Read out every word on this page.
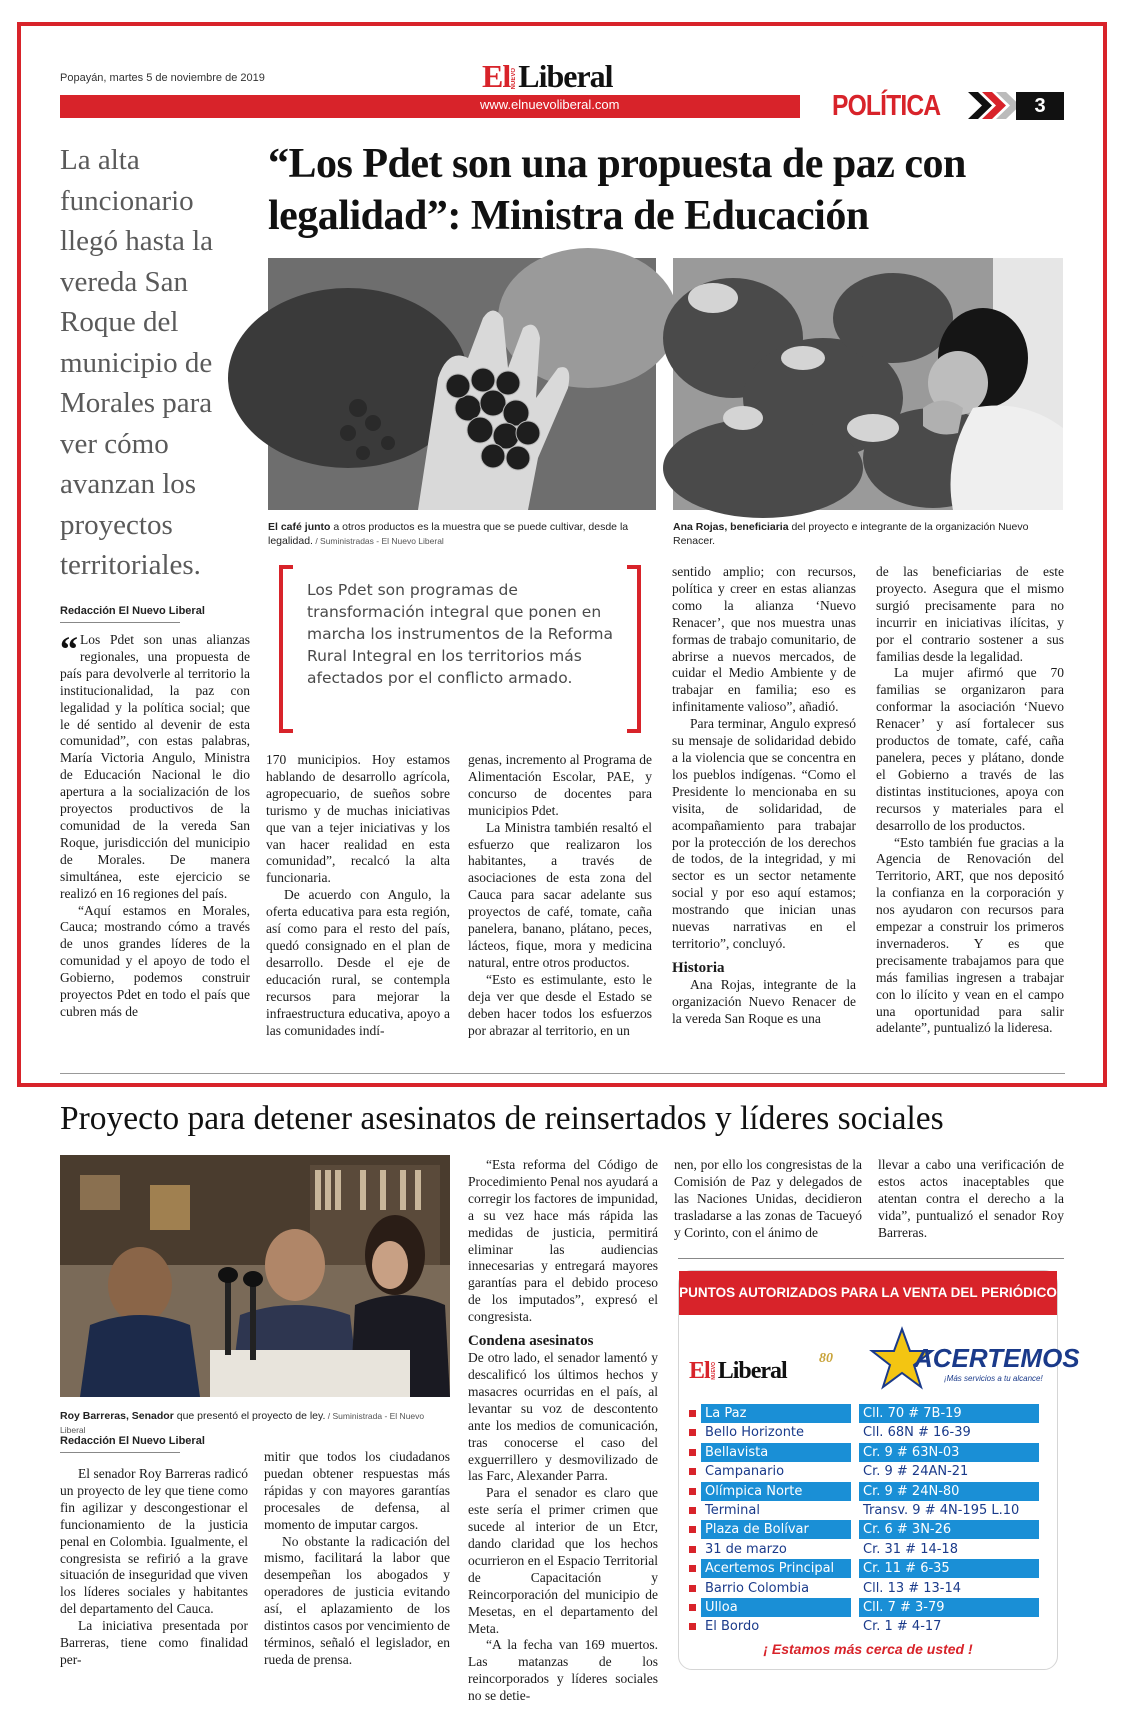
Popayán, martes 5 de noviembre de 2019	El NUEVO Liberal
www.elnuevoliberal.com	POLÍTICA	3
La alta funcionario llegó hasta la vereda San Roque del municipio de Morales para ver cómo avanzan los proyectos territoriales.
“Los Pdet son una propuesta de paz con legalidad”: Ministra de Educación
El café junto a otros productos es la muestra que se puede cultivar, desde la legalidad. / Suministradas - El Nuevo Liberal
Ana Rojas, beneficiaria del proyecto e integrante de la organización Nuevo Renacer.
Los Pdet son programas de transformación integral que ponen en marcha los instrumentos de la Reforma Rural Integral en los territorios más afectados por el conflicto armado.
Redacción El Nuevo Liberal

“ Los Pdet son unas alianzas regionales, una propuesta de país para devolverle al territorio la institucionalidad, la paz con legalidad y la política social; que le dé sentido al devenir de esta comunidad”, con estas palabras, María Victoria Angulo, Ministra de Educación Nacional le dio apertura a la socialización de los proyectos productivos de la comunidad de la vereda San Roque, jurisdicción del municipio de Morales. De manera simultánea, este ejercicio se realizó en 16 regiones del país.

“Aquí estamos en Morales, Cauca; mostrando cómo a través de unos grandes líderes de la comunidad y el apoyo de todo el Gobierno, podemos construir proyectos Pdet en todo el país que cubren más de

170 municipios. Hoy estamos hablando de desarrollo agrícola, agropecuario, de sueños sobre turismo y de muchas iniciativas que van a tejer iniciativas y los van hacer realidad en esta comunidad”, recalcó la alta funcionaria.

De acuerdo con Angulo, la oferta educativa para esta región, así como para el resto del país, quedó consignado en el plan de desarrollo. Desde el eje de educación rural, se contempla recursos para mejorar la infraestructura educativa, apoyo a las comunidades indí-

genas, incremento al Programa de Alimentación Escolar, PAE, y concurso de docentes para municipios Pdet.

La Ministra también resaltó el esfuerzo que realizaron los habitantes, a través de asociaciones de esta zona del Cauca para sacar adelante sus proyectos de café, tomate, caña panelera, banano, plátano, peces, lácteos, fique, mora y medicina natural, entre otros productos.

“Esto es estimulante, esto le deja ver que desde el Estado se deben hacer todos los esfuerzos por abrazar al territorio, en un

sentido amplio; con recursos, política y creer en estas alianzas como la alianza ‘Nuevo Renacer’, que nos muestra unas formas de trabajo comunitario, de abrirse a nuevos mercados, de cuidar el Medio Ambiente y de trabajar en familia; eso es infinitamente valioso”, añadió.

Para terminar, Angulo expresó su mensaje de solidaridad debido a la violencia que se concentra en los pueblos indígenas. “Como el Presidente lo mencionaba en su visita, de solidaridad, de acompañamiento para trabajar por la protección de los derechos de todos, de la integridad, y mi sector es un sector netamente social y por eso aquí estamos; mostrando que inician unas nuevas narrativas en el territorio”, concluyó.

Historia

Ana Rojas, integrante de la organización Nuevo Renacer de la vereda San Roque es una

de las beneficiarias de este proyecto. Asegura que el mismo surgió precisamente para no incurrir en iniciativas ilícitas, y por el contrario sostener a sus familias desde la legalidad.

La mujer afirmó que 70 familias se organizaron para conformar la asociación ‘Nuevo Renacer’ y así fortalecer sus productos de tomate, café, caña panelera, peces y plátano, donde el Gobierno a través de las distintas instituciones, apoya con recursos y materiales para el desarrollo de los productos.

“Esto también fue gracias a la Agencia de Renovación del Territorio, ART, que nos depositó la confianza en la corporación y nos ayudaron con recursos para empezar a construir los primeros invernaderos. Y es que precisamente trabajamos para que más familias ingresen a trabajar con lo ilícito y vean en el campo una oportunidad para salir adelante”, puntualizó la lideresa.

Proyecto para detener asesinatos de reinsertados y líderes sociales
Roy Barreras, Senador que presentó el proyecto de ley. / Suministrada - El Nuevo Liberal
Redacción El Nuevo Liberal

El senador Roy Barreras radicó un proyecto de ley que tiene como fin agilizar y descongestionar el funcionamiento de la justicia penal en Colombia. Igualmente, el congresista se refirió a la grave situación de inseguridad que viven los líderes sociales y habitantes del departamento del Cauca.

La iniciativa presentada por Barreras, tiene como finalidad per-

mitir que todos los ciudadanos puedan obtener respuestas más rápidas y con mayores garantías procesales de defensa, al momento de imputar cargos.

No obstante la radicación del mismo, facilitará la labor que desempeñan los abogados y operadores de justicia evitando así, el aplazamiento de los distintos casos por vencimiento de términos, señaló el legislador, en rueda de prensa.

“Esta reforma del Código de Procedimiento Penal nos ayudará a corregir los factores de impunidad, a su vez hace más rápida las medidas de justicia, permitirá eliminar las audiencias innecesarias y entregará mayores garantías para el debido proceso de los imputados”, expresó el congresista.

Condena asesinatos

De otro lado, el senador lamentó y descalificó los últimos hechos y masacres ocurridas en el país, al levantar su voz de descontento ante los medios de comunicación, tras conocerse el caso del exguerrillero y desmovilizado de las Farc, Alexander Parra.

Para el senador es claro que este sería el primer crimen que sucede al interior de un Etcr, dando claridad que los hechos ocurrieron en el Espacio Territorial de Capacitación y Reincorporación del municipio de Mesetas, en el departamento del Meta.

“A la fecha van 169 muertos. Las matanzas de los reincorporados y líderes sociales no se detie-

nen, por ello los congresistas de la Comisión de Paz y delegados de las Naciones Unidas, decidieron trasladarse a las zonas de Tacueyó y Corinto, con el ánimo de

llevar a cabo una verificación de estos actos inaceptables que atentan contra el derecho a la vida”, puntualizó el senador Roy Barreras.

PUNTOS AUTORIZADOS PARA LA VENTA DEL PERIÓDICO
El NUEVO Liberal 80	ACERTEMOS
¡Más servicios a tu alcance!
La Paz	Cll. 70 # 7B-19
Bello Horizonte	Cll. 68N # 16-39
Bellavista	Cr. 9 # 63N-03
Campanario	Cr. 9 # 24AN-21
Olímpica Norte	Cr. 9 # 24N-80
Terminal	Transv. 9 # 4N-195 L.10
Plaza de Bolívar	Cr. 6 # 3N-26
31 de marzo	Cr. 31 # 14-18
Acertemos Principal	Cr. 11 # 6-35
Barrio Colombia	Cll. 13 # 13-14
Ulloa	Cll. 7 # 3-79
El Bordo	Cr. 1 # 4-17
¡ Estamos más cerca de usted !
